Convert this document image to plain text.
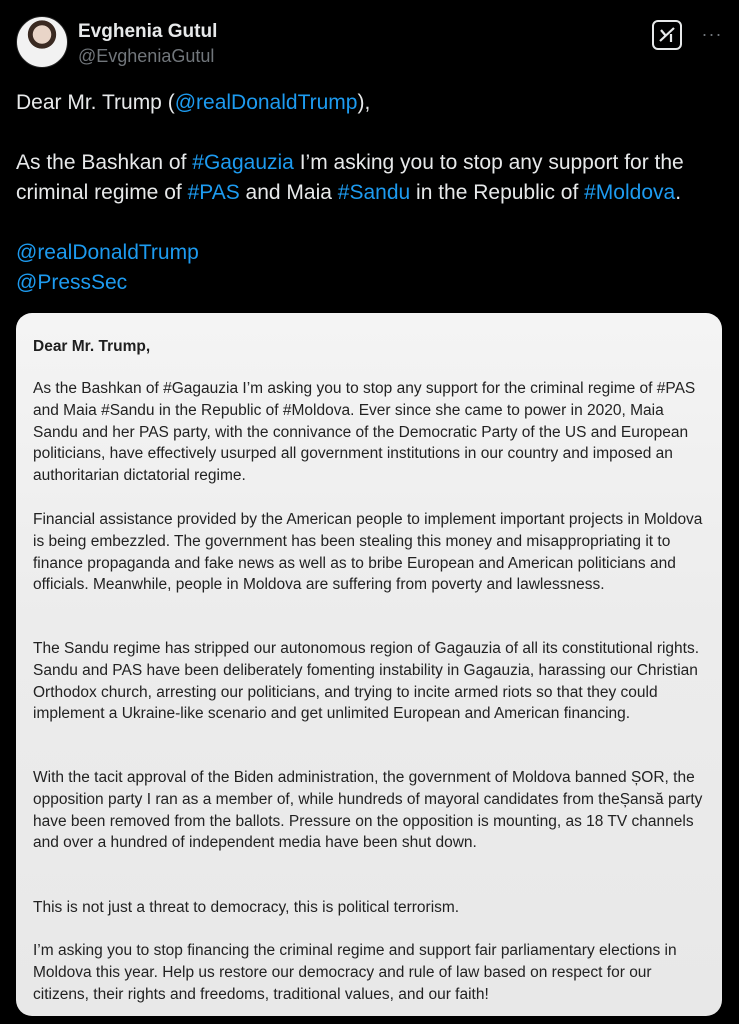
Evghenia Gutul
@EvgheniaGutul
···

Dear Mr. Trump (@realDonaldTrump),

As the Bashkan of #Gagauzia I’m asking you to stop any support for the criminal regime of #PAS and Maia #Sandu in the Republic of #Moldova.

@realDonaldTrump
@PressSec

Dear Mr. Trump,
As the Bashkan of #Gagauzia I’m asking you to stop any support for the criminal regime of #PAS and Maia #Sandu in the Republic of #Moldova. Ever since she came to power in 2020, Maia Sandu and her PAS party, with the connivance of the Democratic Party of the US and European politicians, have effectively usurped all government institutions in our country and imposed an authoritarian dictatorial regime.
Financial assistance provided by the American people to implement important projects in Moldova is being embezzled. The government has been stealing this money and misappropriating it to finance propaganda and fake news as well as to bribe European and American politicians and officials. Meanwhile, people in Moldova are suffering from poverty and lawlessness.
The Sandu regime has stripped our autonomous region of Gagauzia of all its constitutional rights. Sandu and PAS have been deliberately fomenting instability in Gagauzia, harassing our Christian Orthodox church, arresting our politicians, and trying to incite armed riots so that they could implement a Ukraine-like scenario and get unlimited European and American financing.
With the tacit approval of the Biden administration, the government of Moldova banned ȘOR, the opposition party I ran as a member of, while hundreds of mayoral candidates from theȘansă party have been removed from the ballots. Pressure on the opposition is mounting, as 18 TV channels and over a hundred of independent media have been shut down.
This is not just a threat to democracy, this is political terrorism.
I’m asking you to stop financing the criminal regime and support fair parliamentary elections in Moldova this year. Help us restore our democracy and rule of law based on respect for our citizens, their rights and freedoms, traditional values, and our faith!
